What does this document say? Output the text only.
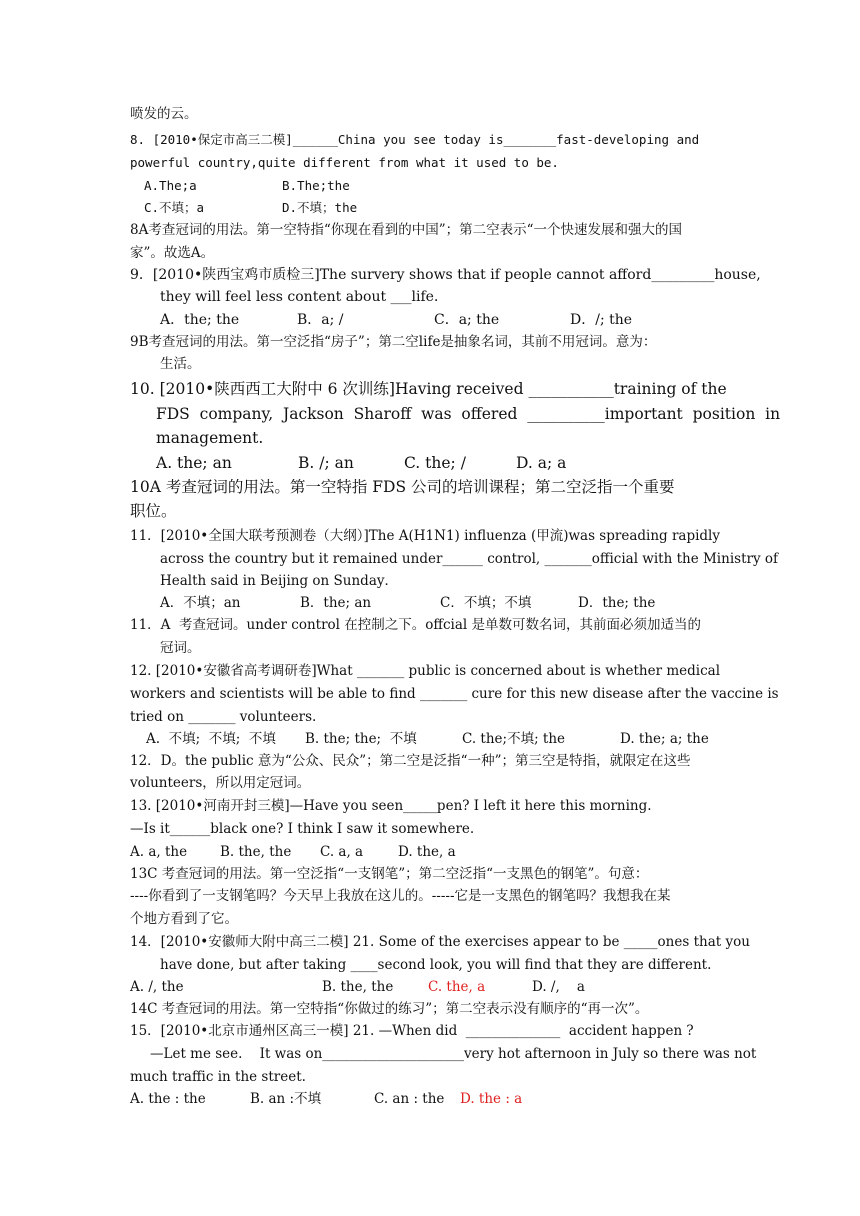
喷发的云。
8. [2010•保定市高三二模]______China you see today is_______fast-developing and
powerful country,quite different from what it used to be.
A.The;a	B.The;the
C.不填；a	D.不填；the
8A考查冠词的用法。第一空特指“你现在看到的中国”；第二空表示“一个快速发展和强大的国
家”。故选A。
9．[2010•陕西宝鸡市质检三]The survery shows that if people cannot afford_________house,
they will feel less content about ___life．
A．the; the	B．a; /	C．a; the	D．/; the
9B考查冠词的用法。第一空泛指“房子”；第二空life是抽象名词，其前不用冠词。意为：
生活。
10. [2010•陕西西工大附中 6 次训练]Having received ___________training of the
FDS  company,  Jackson  Sharoff  was  offered  __________important  position  in
management.
A. the; an	B. /; an	C. the; /	D. a; a
10A 考查冠词的用法。第一空特指 FDS 公司的培训课程；第二空泛指一个重要
职位。
11．[2010•全国大联考预测卷（大纲）]The A(H1N1) influenza (甲流)was spreading rapidly
across the country but it remained under______ control, _______official with the Ministry of
Health said in Beijing on Sunday．
A．不填；an	B．the; an	C．不填；不填	D．the; the
11．A  考查冠词。under control 在控制之下。offcial 是单数可数名词，其前面必须加适当的
冠词。
12. [2010•安徽省高考调研卷]What _______ public is concerned about is whether medical
workers and scientists will be able to find _______ cure for this new disease after the vaccine is
tried on _______ volunteers.
A.  不填;  不填;  不填 B. the; the;  不填	C. the;不填; the	D. the; a; the
12．D。the public 意为“公众、民众”；第二空是泛指“一种”；第三空是特指，就限定在这些
volunteers，所以用定冠词。
13. [2010•河南开封三模]—Have you seen_____pen? I left it here this morning.
—Is it______black one? I think I saw it somewhere.
A. a, the B. the, the C. a, a	D. the, a
13C 考查冠词的用法。第一空泛指“一支钢笔”；第二空泛指“一支黑色的钢笔”。句意：
----你看到了一支钢笔吗？今天早上我放在这儿的。-----它是一支黑色的钢笔吗？我想我在某
个地方看到了它。
14．[2010•安徽师大附中高三二模] 21. Some of the exercises appear to be _____ones that you
have done, but after taking ____second look, you will find that they are different.
A. /, the	B. the, the	C. the, a	D. /,    a
14C 考查冠词的用法。第一空特指“你做过的练习”；第二空表示没有顺序的“再一次”。
15．[2010•北京市通州区高三一模] 21. —When did  ______________  accident happen ?
—Let me see.    It was on_____________________very hot afternoon in July so there was not
much traffic in the street.
A. the : the	B. an :不填	C. an : the D. the : a
